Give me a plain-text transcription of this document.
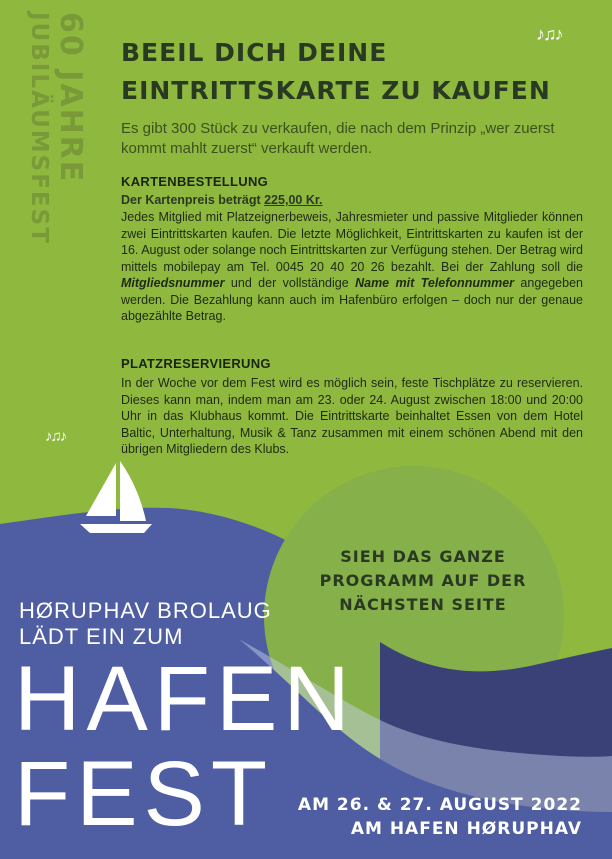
60 JAHRE
JUBILÄUMSFEST	♪♫♪
♪♫♪
BEEIL DICH DEINE
EINTRITTSKARTE ZU KAUFEN

Es gibt 300 Stück zu verkaufen, die nach dem Prinzip „wer zuerst kommt mahlt zuerst“ verkauft werden.

KARTENBESTELLUNG
Der Kartenpreis beträgt 225,00 Kr.

Jedes Mitglied mit Platzeignerbeweis, Jahresmieter und passive Mitglieder können zwei Eintrittskarten kaufen. Die letzte Möglichkeit, Eintrittskarten zu kaufen ist der 16. August oder solange noch Eintrittskarten zur Verfügung stehen. Der Betrag wird mittels mobilepay am Tel. 0045 20 40 20 26 bezahlt. Bei der Zahlung soll die Mitgliedsnummer und der vollständige Name mit Telefonnummer angegeben werden. Die Bezahlung kann auch im Hafenbüro erfolgen – doch nur der genaue abgezählte Betrag.

PLATZRESERVIERUNG

In der Woche vor dem Fest wird es möglich sein, feste Tischplätze zu reservieren. Dieses kann man, indem man am 23. oder 24. August zwischen 18:00 und 20:00 Uhr in das Klubhaus kommt. Die Eintrittskarte beinhaltet Essen von dem Hotel Baltic, Unterhaltung, Musik & Tanz zusammen mit einem schönen Abend mit den übrigen Mitgliedern des Klubs.

SIEH DAS GANZE
PROGRAMM AUF DER
NÄCHSTEN SEITE
HØRUPHAV BROLAUG
LÄDT EIN ZUM
HAFEN
FEST AM 26. & 27. AUGUST 2022
AM HAFEN HØRUPHAV
